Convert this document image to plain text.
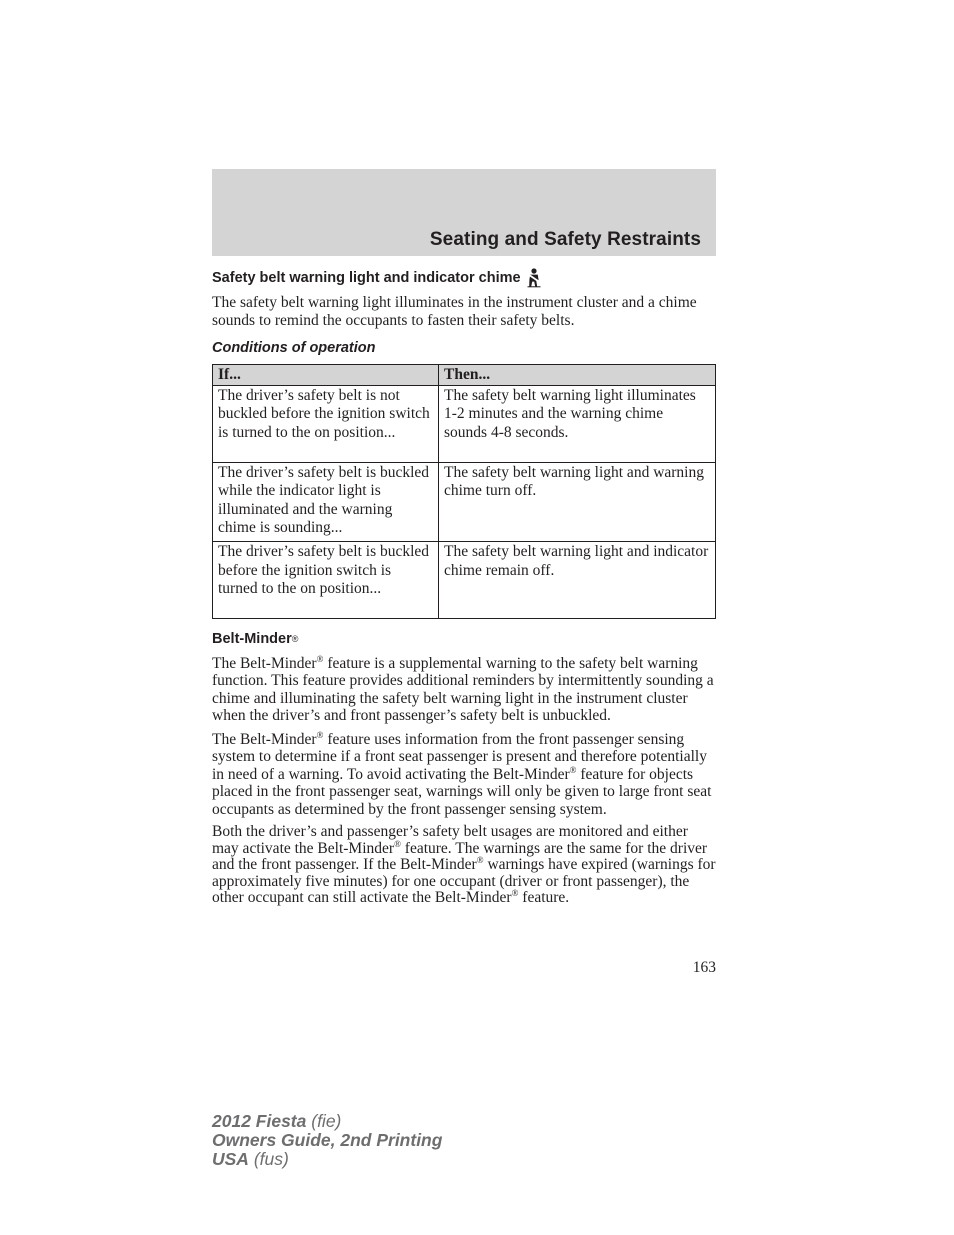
Seating and Safety Restraints
Safety belt warning light and indicator chime

The safety belt warning light illuminates in the instrument cluster and a chime sounds to remind the occupants to fasten their safety belts.

Conditions of operation
If...	Then...
The driver’s safety belt is not buckled before the ignition switch is turned to the on position...	The safety belt warning light illuminates 1-2 minutes and the warning chime sounds 4-8 seconds.
The driver’s safety belt is buckled while the indicator light is illuminated and the warning chime is sounding...	The safety belt warning light and warning chime turn off.
The driver’s safety belt is buckled before the ignition switch is turned to the on position...	The safety belt warning light and indicator chime remain off.
Belt-Minder ®

The Belt-Minder® feature is a supplemental warning to the safety belt warning function. This feature provides additional reminders by intermittently sounding a chime and illuminating the safety belt warning light in the instrument cluster when the driver’s and front passenger’s safety belt is unbuckled.

The Belt-Minder® feature uses information from the front passenger sensing system to determine if a front seat passenger is present and therefore potentially in need of a warning. To avoid activating the Belt-Minder® feature for objects placed in the front passenger seat, warnings will only be given to large front seat occupants as determined by the front passenger sensing system.

Both the driver’s and passenger’s safety belt usages are monitored and either may activate the Belt-Minder® feature. The warnings are the same for the driver and the front passenger. If the Belt-Minder® warnings have expired (warnings for approximately five minutes) for one occupant (driver or front passenger), the other occupant can still activate the Belt-Minder® feature.

163
2012 Fiesta (fie)
Owners Guide, 2nd Printing
USA (fus)
